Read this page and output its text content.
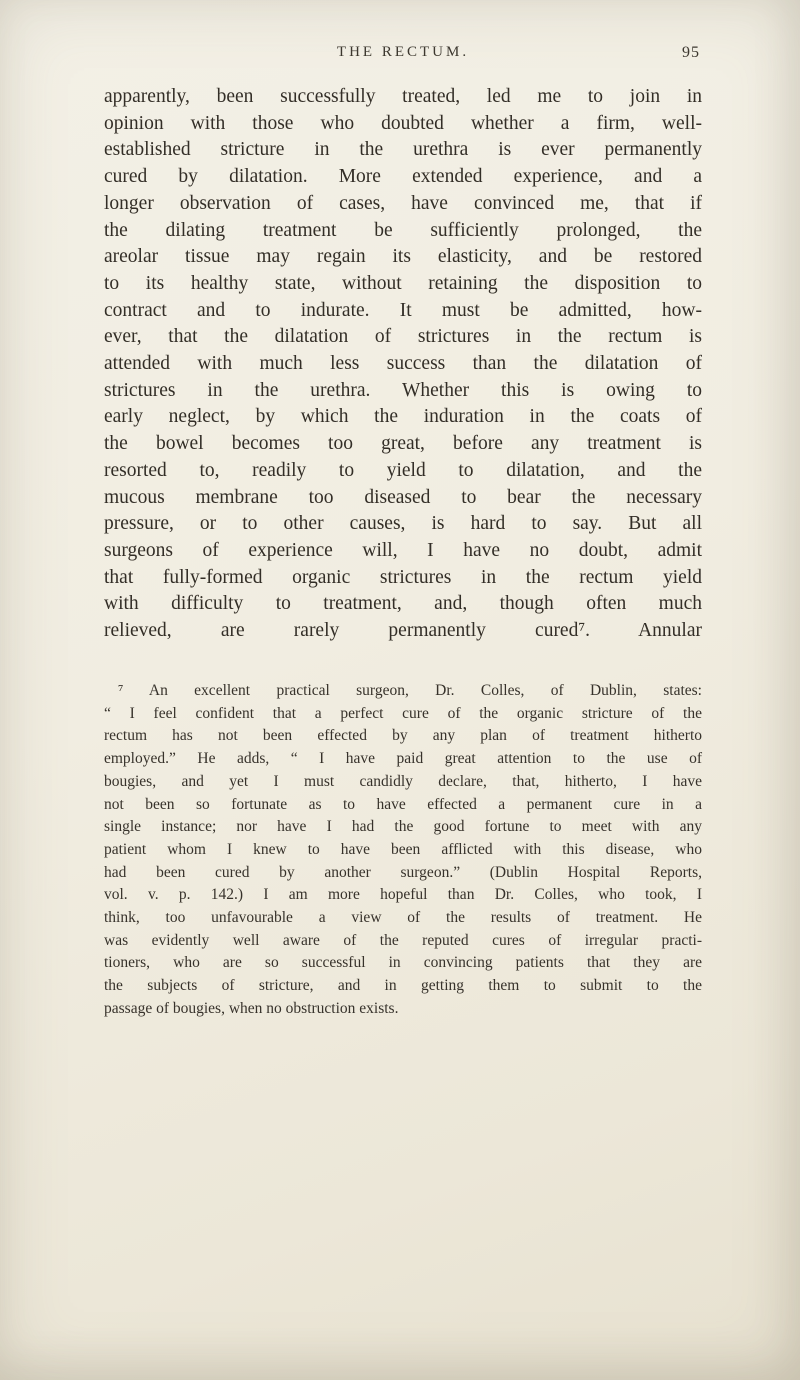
THE RECTUM.	95
apparently, been successfully treated, led me to join in
opinion with those who doubted whether a firm, well-
established stricture in the urethra is ever permanently
cured by dilatation. More extended experience, and a
longer observation of cases, have convinced me, that if
the dilating treatment be sufficiently prolonged, the
areolar tissue may regain its elasticity, and be restored
to its healthy state, without retaining the disposition to
contract and to indurate. It must be admitted, how-
ever, that the dilatation of strictures in the rectum is
attended with much less success than the dilatation of
strictures in the urethra. Whether this is owing to
early neglect, by which the induration in the coats of
the bowel becomes too great, before any treatment is
resorted to, readily to yield to dilatation, and the
mucous membrane too diseased to bear the necessary
pressure, or to other causes, is hard to say. But all
surgeons of experience will, I have no doubt, admit
that fully-formed organic strictures in the rectum yield
with difficulty to treatment, and, though often much
relieved, are rarely permanently cured⁷. Annular
⁷ An excellent practical surgeon, Dr. Colles, of Dublin, states:
“ I feel confident that a perfect cure of the organic stricture of the
rectum has not been effected by any plan of treatment hitherto
employed.” He adds, “ I have paid great attention to the use of
bougies, and yet I must candidly declare, that, hitherto, I have
not been so fortunate as to have effected a permanent cure in a
single instance; nor have I had the good fortune to meet with any
patient whom I knew to have been afflicted with this disease, who
had been cured by another surgeon.” (Dublin Hospital Reports,
vol. v. p. 142.) I am more hopeful than Dr. Colles, who took, I
think, too unfavourable a view of the results of treatment. He
was evidently well aware of the reputed cures of irregular practi-
tioners, who are so successful in convincing patients that they are
the subjects of stricture, and in getting them to submit to the
passage of bougies, when no obstruction exists.
